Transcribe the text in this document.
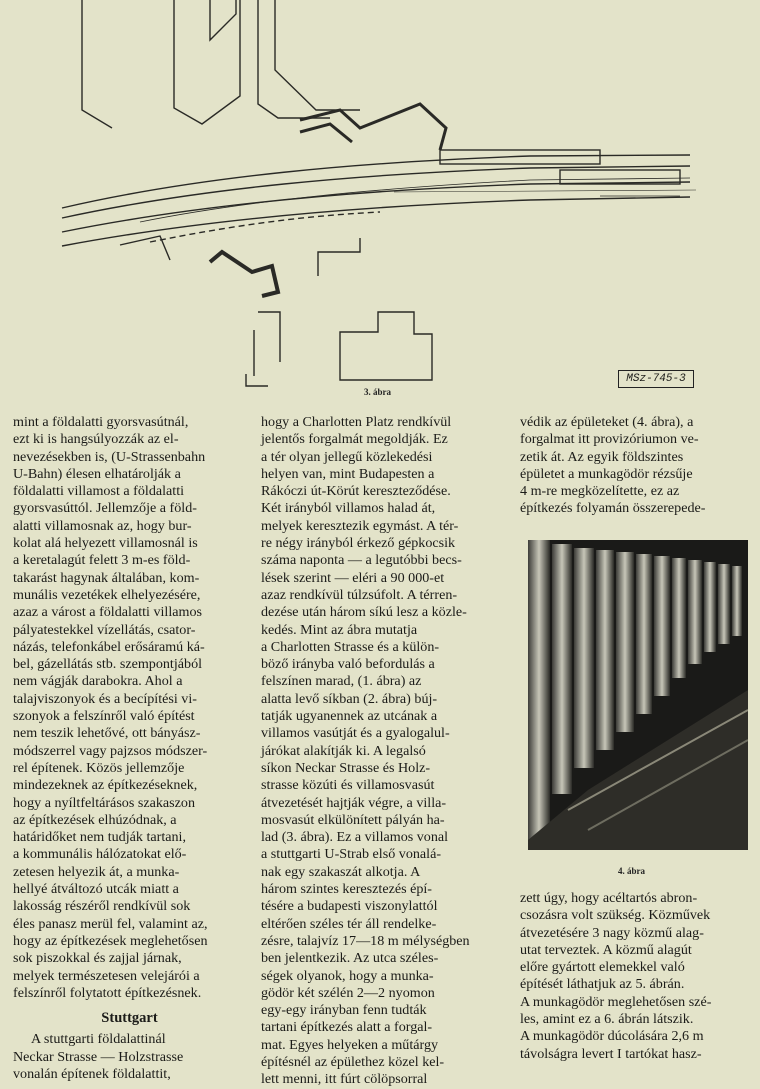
3. ábra
MSz-745-3

mint a földalatti gyorsvasútnál,

ezt ki is hangsúlyozzák az el-

nevezésekben is, (U-Strassenbahn

U-Bahn) élesen elhatárolják a

földalatti villamost a földalatti

gyorsvasúttól. Jellemzője a föld-

alatti villamosnak az, hogy bur-

kolat alá helyezett villamosnál is

a keretalagút felett 3 m-es föld-

takarást hagynak általában, kom-

munális vezetékek elhelyezésére,

azaz a várost a földalatti villamos

pályatestekkel vízellátás, csator-

názás, telefonkábel erősáramú ká-

bel, gázellátás stb. szempontjából

nem vágják darabokra. Ahol a

talajviszonyok és a becípítési vi-

szonyok a felszínről való építést

nem teszik lehetővé, ott bányász-

módszerrel vagy pajzsos módszer-

rel építenek. Közös jellemzője

mindezeknek az építkezéseknek,

hogy a nyíltfeltárásos szakaszon

az építkezések elhúzódnak, a

határidőket nem tudják tartani,

a kommunális hálózatokat elő-

zetesen helyezik át, a munka-

hellyé átváltozó utcák miatt a

lakosság részéről rendkívül sok

éles panasz merül fel, valamint az,

hogy az építkezések meglehetősen

sok piszokkal és zajjal járnak,

melyek természetesen velejárói a

felszínről folytatott építkezésnek.

Stuttgart

A stuttgarti földalattinál

Neckar Strasse — Holzstrasse

vonalán építenek földalattit,

hogy a Charlotten Platz rendkívül

jelentős forgalmát megoldják. Ez

a tér olyan jellegű közlekedési

helyen van, mint Budapesten a

Rákóczi út-Körút kereszteződése.

Két irányból villamos halad át,

melyek keresztezik egymást. A tér-

re négy irányból érkező gépkocsik

száma naponta — a legutóbbi becs-

lések szerint — eléri a 90 000-et

azaz rendkívül túlzsúfolt. A térren-

dezése után három síkú lesz a közle-

kedés. Mint az ábra mutatja

a Charlotten Strasse és a külön-

böző irányba való befordulás a

felszínen marad, (1. ábra) az

alatta levő síkban (2. ábra) búj-

tatják ugyanennek az utcának a

villamos vasútját és a gyalogalul-

járókat alakítják ki. A legalsó

síkon Neckar Strasse és Holz-

strasse közúti és villamosvasút

átvezetését hajtják végre, a villa-

mosvasút elkülönített pályán ha-

lad (3. ábra). Ez a villamos vonal

a stuttgarti U-Strab első vonalá-

nak egy szakaszát alkotja. A

három szintes keresztezés épí-

tésére a budapesti viszonylattól

eltérően széles tér áll rendelke-

zésre, talajvíz 17—18 m mélységben

ben jelentkezik. Az utca széles-

ségek olyanok, hogy a munka-

gödör két szélén 2—2 nyomon

egy-egy irányban fenn tudták

tartani építkezés alatt a forgal-

mat. Egyes helyeken a műtárgy

építésnél az épülethez közel kel-

lett menni, itt fúrt cölöpsorral

védik az épületeket (4. ábra), a

forgalmat itt provizóriumon ve-

zetik át. Az egyik földszintes

épületet a munkagödör rézsűje

4 m-re megközelítette, ez az

építkezés folyamán összerepede-

4. ábra

zett úgy, hogy acéltartós abron-

csozásra volt szükség. Közművek

átvezetésére 3 nagy közmű alag-

utat terveztek. A közmű alagút

előre gyártott elemekkel való

építését láthatjuk az 5. ábrán.

A munkagödör meglehetősen szé-

les, amint ez a 6. ábrán látszik.

A munkagödör dúcolására 2,6 m

távolságra levert I tartókat hasz-
